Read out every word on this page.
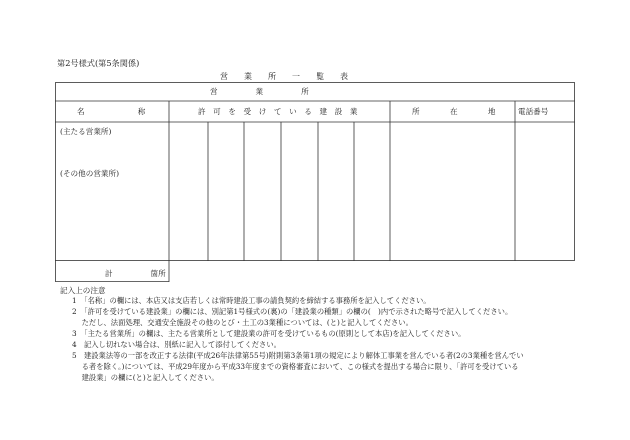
第2号様式(第5条関係)
営　　業　　所　　一　　覧　　表
営　　　　　業　　　　　所
名　　　　　　　称	許　可　を　受　け　て　い　る　建　設　業	所　　　　在　　　　地	電話番号
(主たる営業所)
(その他の営業所)
計　　　　　箇所
記入上の注意
1　「名称」の欄には、本店又は支店若しくは常時建設工事の請負契約を締結する事務所を記入してください。
2　「許可を受けている建設業」の欄には、別記第1号様式の(裏)の「建設業の種類」の欄の(　)内で示された略号で記入してください。
　 ただし、法面処理、交通安全施設その他のとび・土工の3業種については、(と)と記入してください。
3　「主たる営業所」の欄は、主たる営業所として建設業の許可を受けているもの(原則として本店)を記入してください。
4　記入し切れない場合は、別紙に記入して添付してください。
5　建設業法等の一部を改正する法律(平成26年法律第55号)附則第3条第1項の規定により解体工事業を営んでいる者(2の3業種を営んでい
　 る者を除く。)については、平成29年度から平成33年度までの資格審査において、この様式を提出する場合に限り、「許可を受けている
　 建設業」の欄に(と)と記入してください。
